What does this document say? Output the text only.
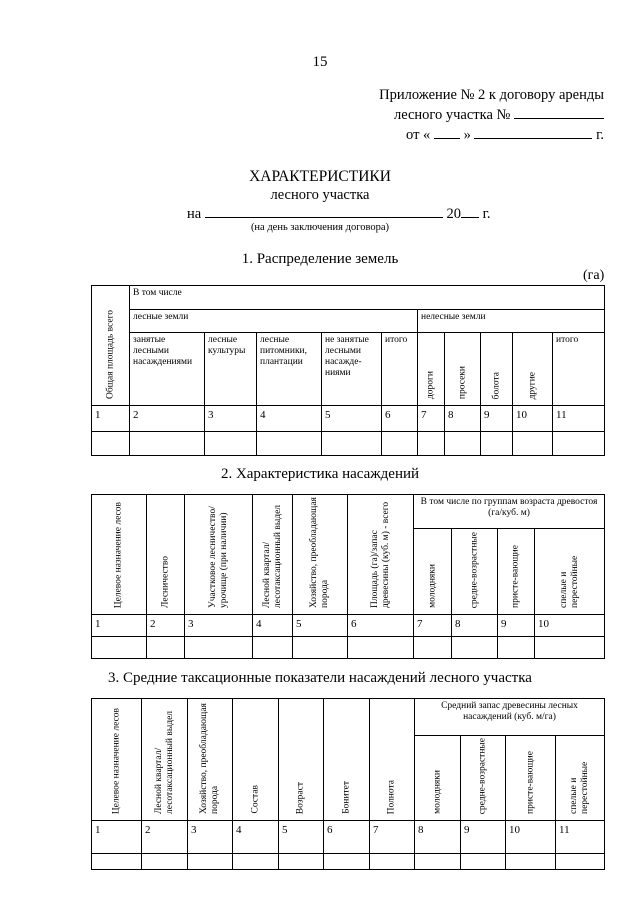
15
Приложение № 2 к договору аренды
лесного участка №
от « »	г.
ХАРАКТЕРИСТИКИ
лесного участка
на	20 г.
(на день заключения договора)
1. Распределение земель
(га)
Общая площадь всего	В том числе									
	лесные земли					нелесные земли				
	занятые лесными насаждениями	лесные культуры	лесные питомники, плантации	не занятые лесными насажде-ниями	итого	дороги	просеки	болота	другие	итого
1	2	3	4	5	6	7	8	9	10	11

2. Характеристика насаждений
Целевое назначение лесов	Лесничество	Участковое лесничество/ урочище (при наличии)	Лесной квартал/ лесотаксационный выдел	Хозяйство, преобладающая порода	Площадь (га)/запас древесины (куб. м) - всего	В том числе по группам возраста древостоя (га/куб. м)			

						молодняки	средне-возрастные	присте-вающие	спелые и перестойные

1	2	3	4	5	6	7	8	9	10

3. Средние таксационные показатели насаждений лесного участка
Целевое назначение лесов	Лесной квартал/ лесотаксационный выдел	Хозяйство, преобладающая порода	Состав	Возраст	Бонитет	Полнота	Средний запас древесины лесных насаждений (куб. м/га)			

							молодняки	средне-возрастные	присте-вающие	спелые и перестойные

1	2	3	4	5	6	7	8	9	10	11
